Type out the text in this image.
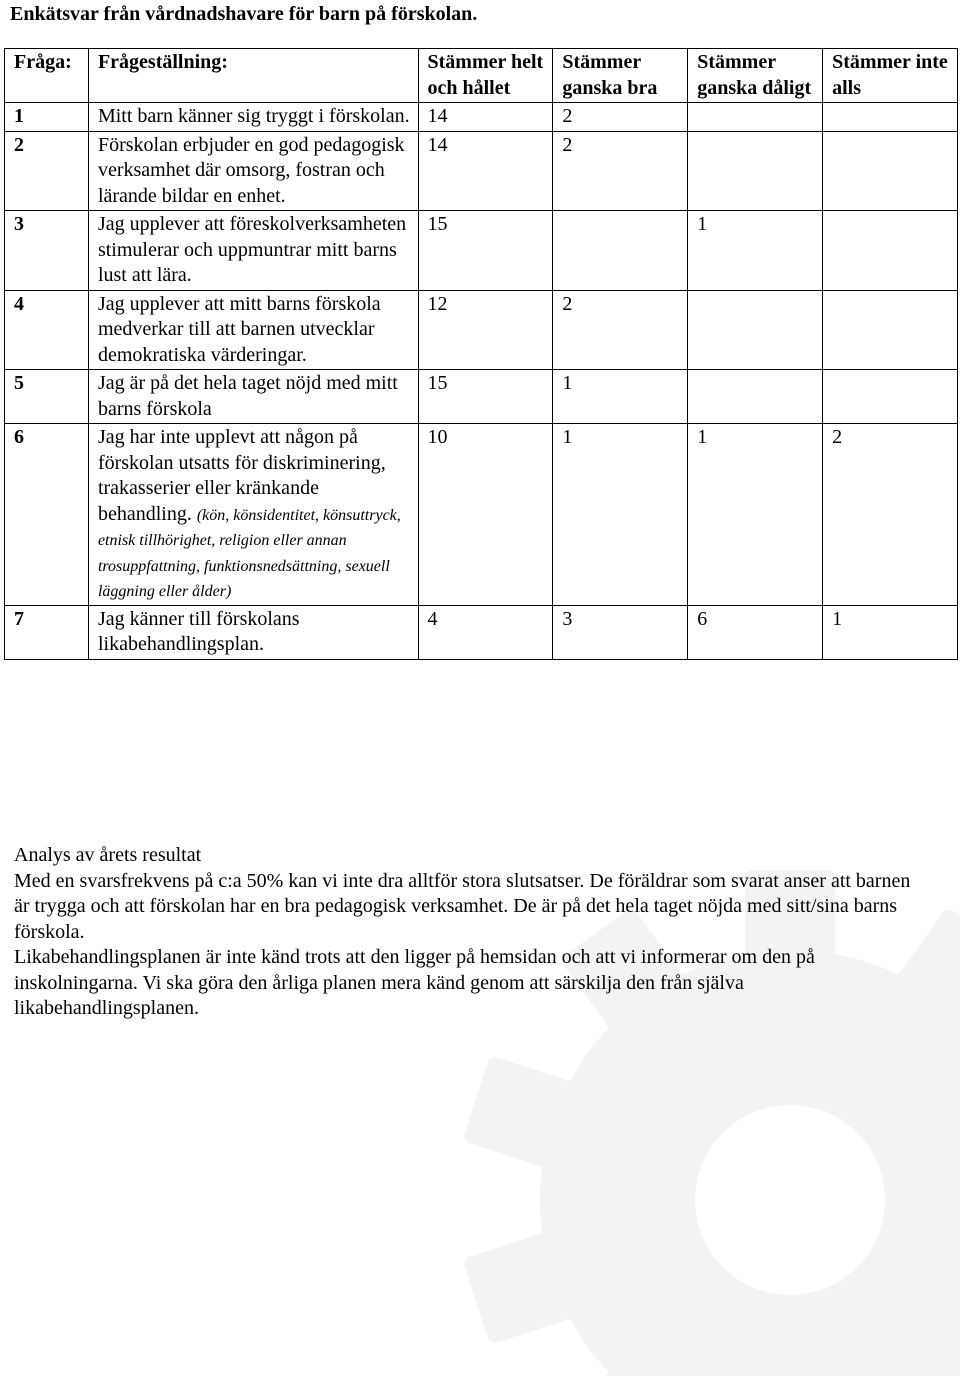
Enkätsvar från vårdnadshavare för barn på förskolan.
Fråga:	Frågeställning:	Stämmer helt och hållet	Stämmer ganska bra	Stämmer ganska dåligt	Stämmer inte alls
1	Mitt barn känner sig tryggt i förskolan.	14	2		
2	Förskolan erbjuder en god pedagogisk verksamhet där omsorg, fostran och lärande bildar en enhet.	14	2		
3	Jag upplever att föreskolverksamheten stimulerar och uppmuntrar mitt barns lust att lära.	15		1	
4	Jag upplever att mitt barns förskola medverkar till att barnen utvecklar demokratiska värderingar.	12	2		
5	Jag är på det hela taget nöjd med mitt barns förskola	15	1		
6	Jag har inte upplevt att någon på förskolan utsatts för diskriminering, trakasserier eller kränkande behandling. (kön, könsidentitet, könsuttryck, etnisk tillhörighet, religion eller annan trosuppfattning, funktionsnedsättning, sexuell läggning eller ålder)	10	1	1	2
7	Jag känner till förskolans likabehandlingsplan.	4	3	6	1

Analys av årets resultat

Med en svarsfrekvens på c:a 50% kan vi inte dra alltför stora slutsatser. De föräldrar som svarat anser att barnen är trygga och att förskolan har en bra pedagogisk verksamhet. De är på det hela taget nöjda med sitt/sina barns förskola.

Likabehandlingsplanen är inte känd trots att den ligger på hemsidan och att vi informerar om den på inskolningarna. Vi ska göra den årliga planen mera känd genom att särskilja den från själva likabehandlingsplanen.
